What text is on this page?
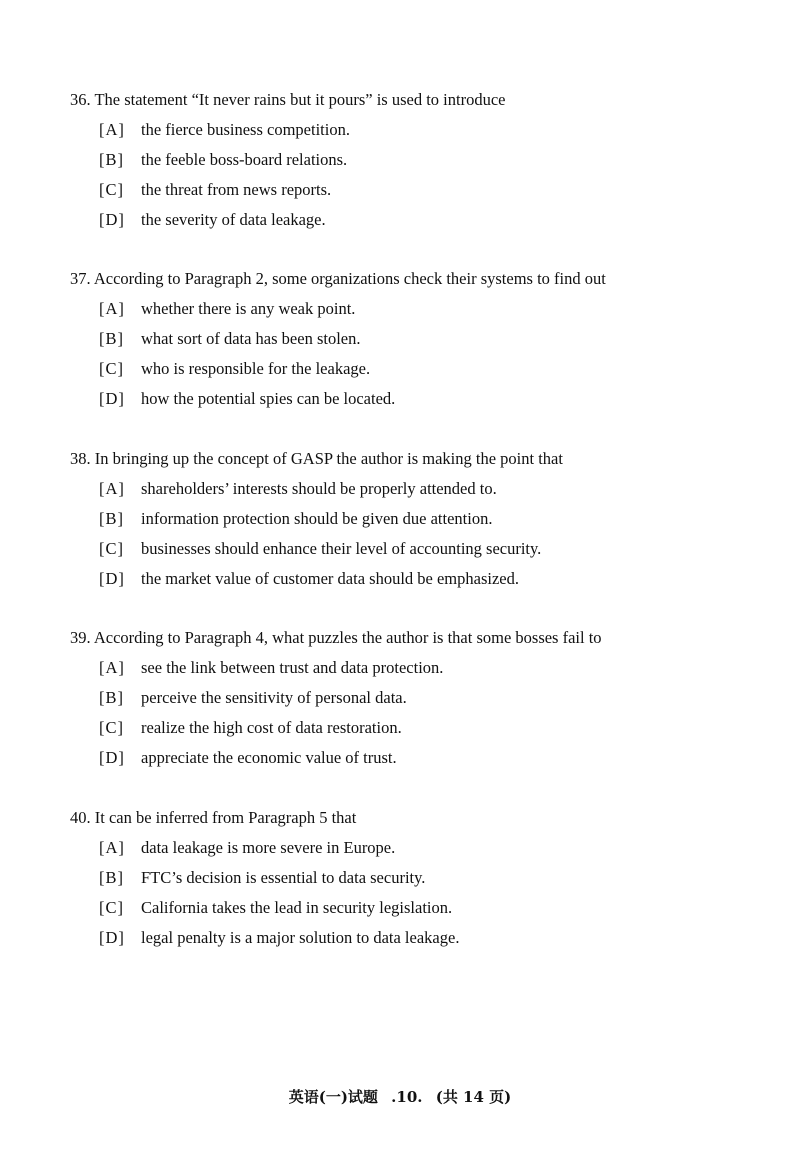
36. The statement “It never rains but it pours” is used to introduce
[A] the fierce business competition.
[B]	the feeble boss-board relations.
[C]	the threat from news reports.
[D] the severity of data leakage.
37. According to Paragraph 2, some organizations check their systems to find out
[A] whether there is any weak point.
[B]	what sort of data has been stolen.
[C]	who is responsible for the leakage.
[D] how the potential spies can be located.
38. In bringing up the concept of GASP the author is making the point that
[A] shareholders’ interests should be properly attended to.
[B]	information protection should be given due attention.
[C]	businesses should enhance their level of accounting security.
[D] the market value of customer data should be emphasized.
39. According to Paragraph 4, what puzzles the author is that some bosses fail to
[A] see the link between trust and data protection.
[B]	perceive the sensitivity of personal data.
[C]	realize the high cost of data restoration.
[D] appreciate the economic value of trust.
40. It can be inferred from Paragraph 5 that
[A] data leakage is more severe in Europe.
[B]	FTC’s decision is essential to data security.
[C]	California takes the lead in security legislation.
[D] legal penalty is a major solution to data leakage.
英语(一)试题 .10. (共 14 页)
